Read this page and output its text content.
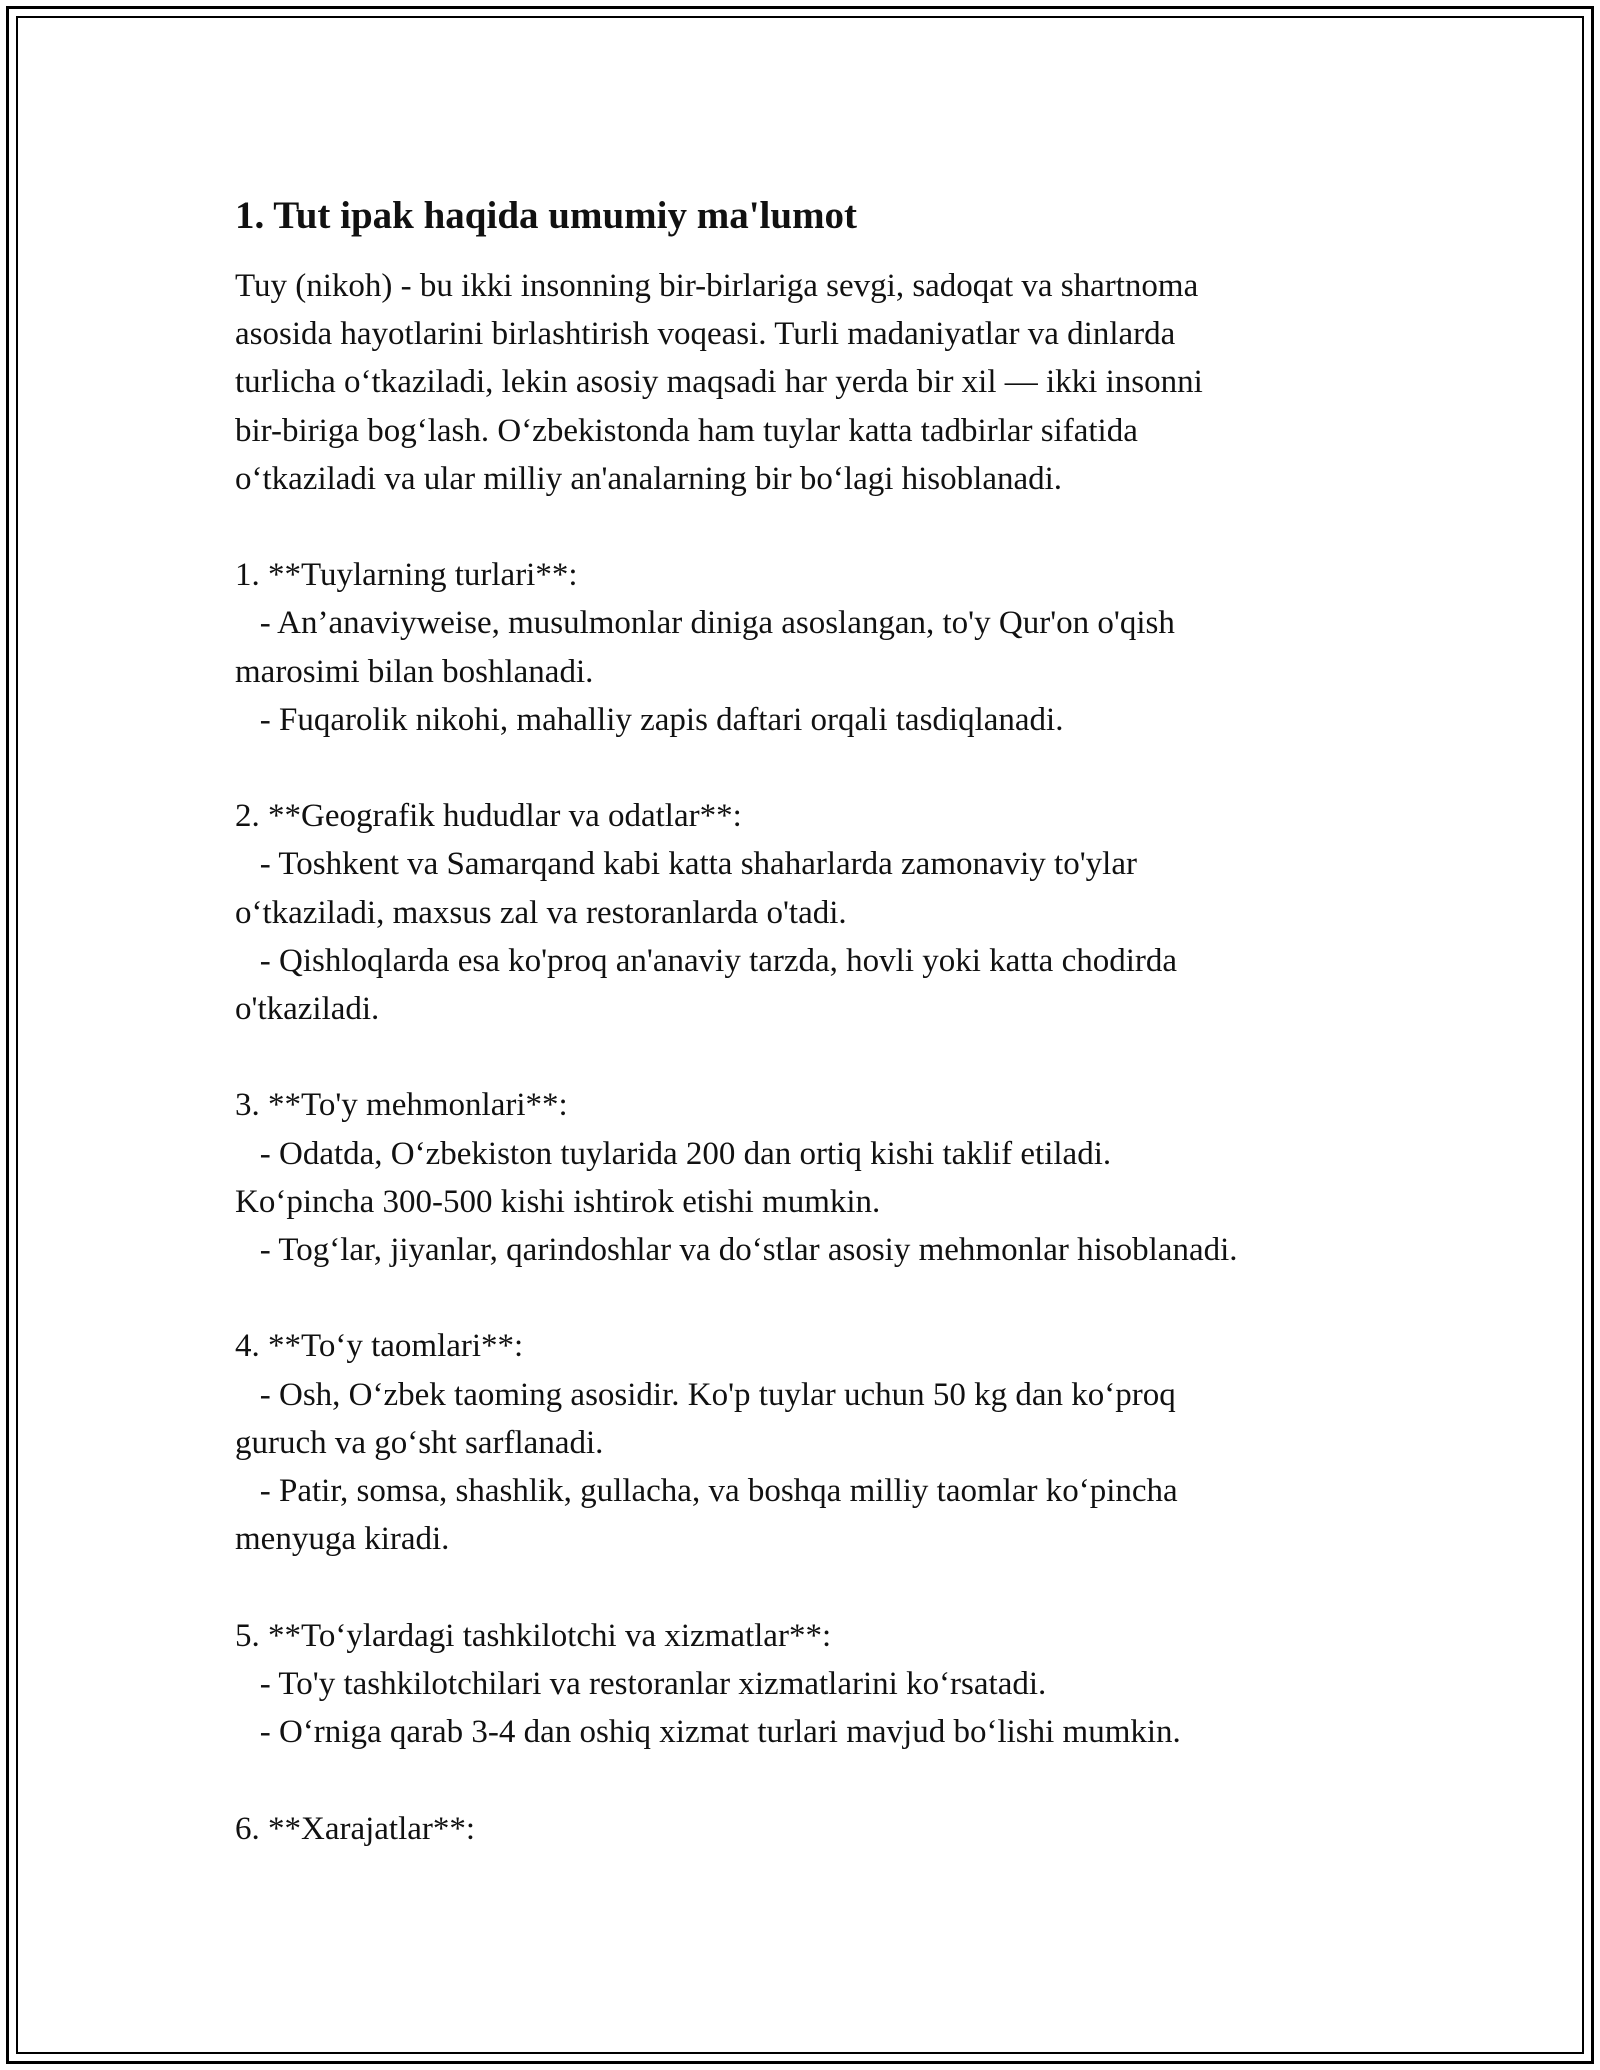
1. Tut ipak haqida umumiy ma'lumot
Tuy (nikoh) - bu ikki insonning bir-birlariga sevgi, sadoqat va shartnoma
asosida hayotlarini birlashtirish voqeasi. Turli madaniyatlar va dinlarda
turlicha o‘tkaziladi, lekin asosiy maqsadi har yerda bir xil — ikki insonni
bir-biriga bog‘lash. O‘zbekistonda ham tuylar katta tadbirlar sifatida
o‘tkaziladi va ular milliy an'analarning bir bo‘lagi hisoblanadi.

1. **Tuylarning turlari**:
- An’anaviyweise, musulmonlar diniga asoslangan, to'y Qur'on o'qish
marosimi bilan boshlanadi.
- Fuqarolik nikohi, mahalliy zapis daftari orqali tasdiqlanadi.

2. **Geografik hududlar va odatlar**:
- Toshkent va Samarqand kabi katta shaharlarda zamonaviy to'ylar
o‘tkaziladi, maxsus zal va restoranlarda o'tadi.
- Qishloqlarda esa ko'proq an'anaviy tarzda, hovli yoki katta chodirda
o'tkaziladi.

3. **To'y mehmonlari**:
- Odatda, O‘zbekiston tuylarida 200 dan ortiq kishi taklif etiladi.
Ko‘pincha 300-500 kishi ishtirok etishi mumkin.
- Tog‘lar, jiyanlar, qarindoshlar va do‘stlar asosiy mehmonlar hisoblanadi.

4. **To‘y taomlari**:
- Osh, O‘zbek taoming asosidir. Ko'p tuylar uchun 50 kg dan ko‘proq
guruch va go‘sht sarflanadi.
- Patir, somsa, shashlik, gullacha, va boshqa milliy taomlar ko‘pincha
menyuga kiradi.

5. **To‘ylardagi tashkilotchi va xizmatlar**:
- To'y tashkilotchilari va restoranlar xizmatlarini ko‘rsatadi.
- O‘rniga qarab 3-4 dan oshiq xizmat turlari mavjud bo‘lishi mumkin.

6. **Xarajatlar**:
